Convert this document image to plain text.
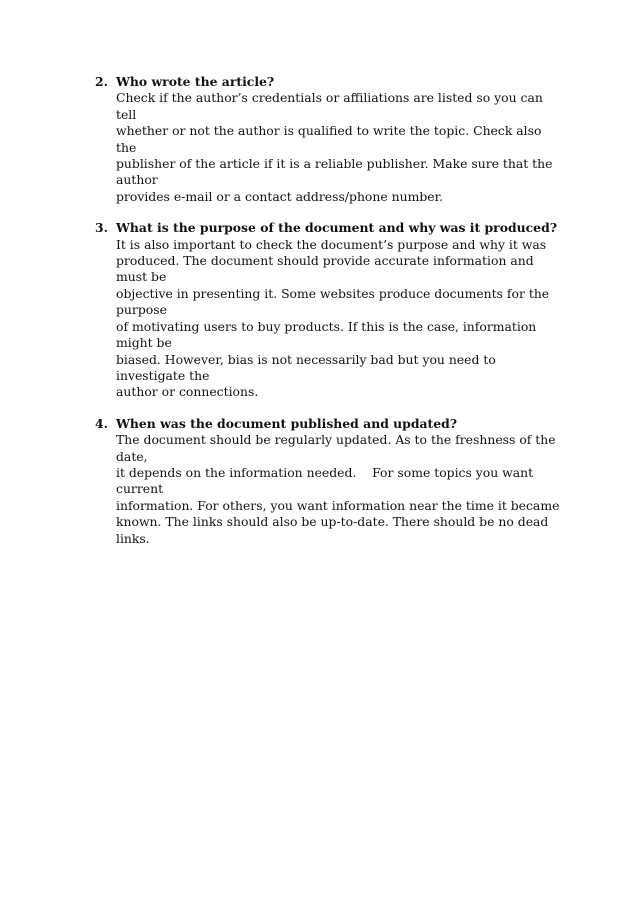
2. Who wrote the article?
Check if the author’s credentials or affiliations are listed so you can tell
whether or not the author is qualified to write the topic. Check also the
publisher of the article if it is a reliable publisher. Make sure that the author
provides e-mail or a contact address/phone number.
3. What is the purpose of the document and why was it produced?
It is also important to check the document’s purpose and why it was
produced. The document should provide accurate information and must be
objective in presenting it. Some websites produce documents for the purpose
of motivating users to buy products. If this is the case, information might be
biased. However, bias is not necessarily bad but you need to investigate the
author or connections.
4. When was the document published and updated?
The document should be regularly updated. As to the freshness of the date,
it depends on the information needed.    For some topics you want current
information. For others, you want information near the time it became
known. The links should also be up-to-date. There should be no dead links.
